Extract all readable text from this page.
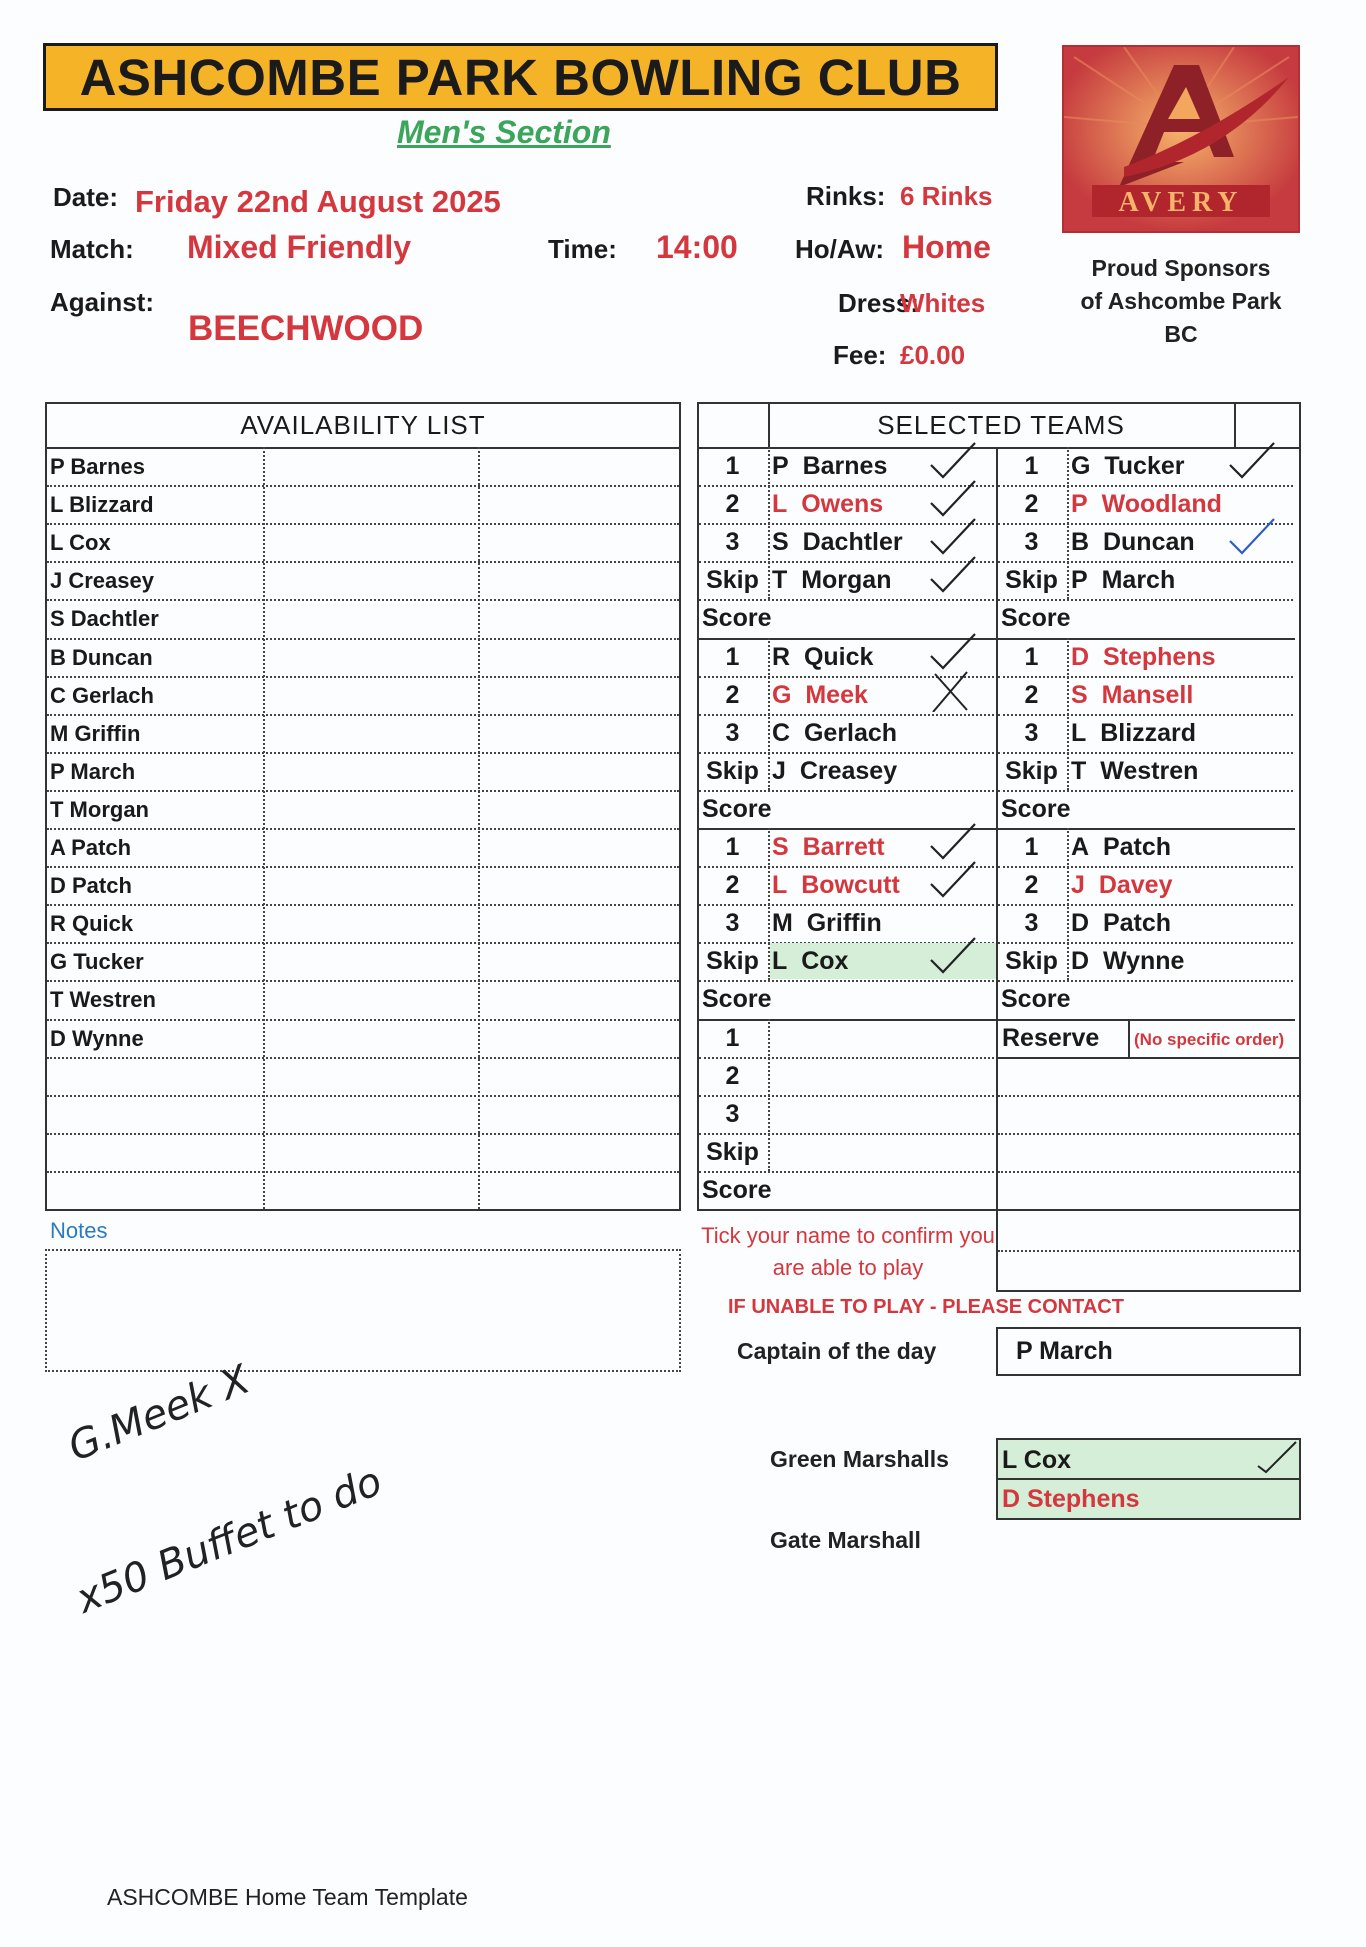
ASHCOMBE PARK BOWLING CLUB
Men's Section
Date: Friday 22nd August 2025
Match: Mixed Friendly	Time: 14:00
Against:
BEECHWOOD
Rinks: 6 Rinks
Ho/Aw: Home
Dress:
Whites
Fee: £0.00
AVERY
Proud Sponsors
of Ashcombe Park
BC
AVAILABILITY LIST
P Barnes
L Blizzard
L Cox
J Creasey
S Dachtler
B Duncan
C Gerlach
M Griffin
P March
T Morgan
A Patch
D Patch
R Quick
G Tucker
T Westren
D Wynne
SELECTED TEAMS
1	P Barnes
2	L Owens
3	S Dachtler
Skip T Morgan
Score
1	R Quick
2	G Meek
3	C Gerlach
Skip J Creasey
Score
1	S Barrett
2	L Bowcutt
3	M Griffin
Skip L Cox
Score
1

2

3

Skip

Score
1	G Tucker
2	P Woodland
3	B Duncan
Skip P March
Score
1	D Stephens
2	S Mansell
3	L Blizzard
Skip T Westren
Score
1	A Patch
2	J Davey
3	D Patch
Skip D Wynne
Score
Reserve (No specific order)
Notes	Tick your name to confirm you are able to play
IF UNABLE TO PLAY - PLEASE CONTACT
Captain of the day	P March
Green Marshalls L Cox
D Stephens
Gate Marshall
G.Meek X
x50 Buffet to do
ASHCOMBE Home Team Template
